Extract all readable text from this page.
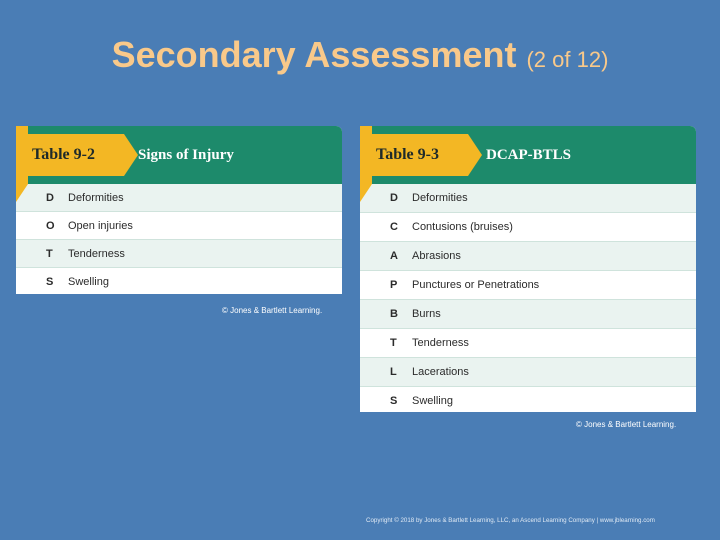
Secondary Assessment (2 of 12)
Table 9-2	Signs of Injury
D	Deformities
O	Open injuries
T	Tenderness
S	Swelling
© Jones & Bartlett Learning.
Table 9-3	DCAP-BTLS
D	Deformities
C	Contusions (bruises)
A	Abrasions
P	Punctures or Penetrations
B	Burns
T	Tenderness
L	Lacerations
S	Swelling
© Jones & Bartlett Learning.
Copyright © 2018 by Jones & Bartlett Learning, LLC, an Ascend Learning Company | www.jblearning.com
